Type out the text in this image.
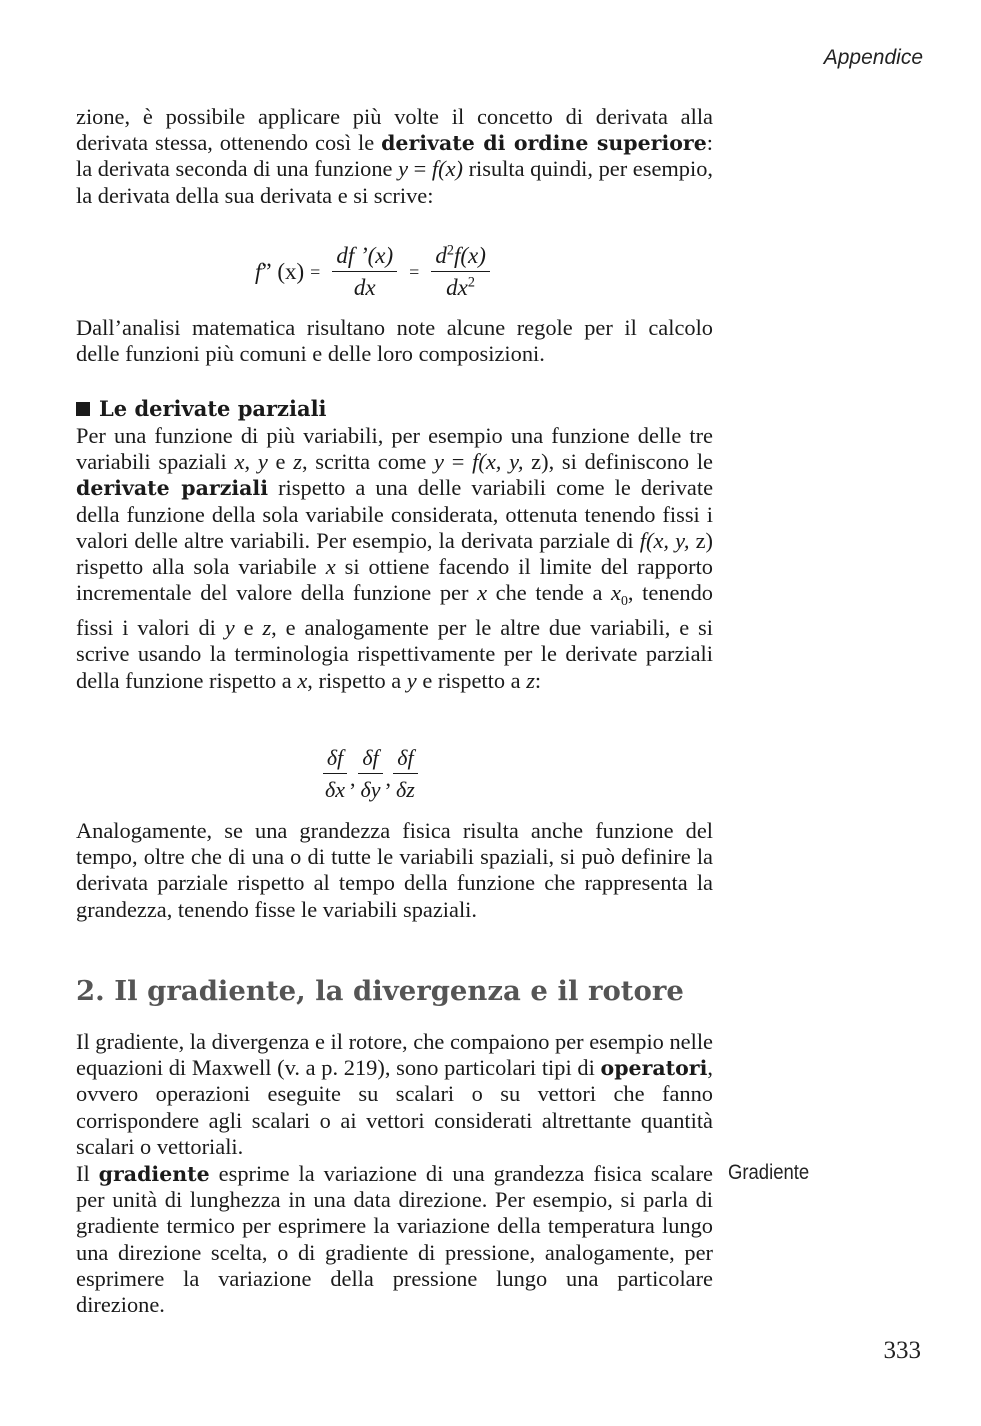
Appendice

zione, è possibile applicare più volte il concetto di derivata alla derivata stessa, ottenendo così le derivate di ordine superiore: la derivata seconda di una funzione y = f(x) risulta quindi, per esempio, la derivata della sua derivata e si scrive:

f” $(x) = \frac{df ’(x)}{dx} = \frac{d^2f(x)}{dx^2}$

Dall’analisi matematica risultano note alcune regole per il calcolo delle funzioni più comuni e delle loro composizioni.

Le derivate parziali

Per una funzione di più variabili, per esempio una funzione delle tre variabili spaziali x, y e z, scritta come y = f(x, y, z), si definiscono le derivate parziali rispetto a una delle variabili come le derivate della funzione della sola variabile considerata, ottenuta tenendo fissi i valori delle altre variabili. Per esempio, la derivata parziale di f(x, y, z) rispetto alla sola variabile x si ottiene facendo il limite del rapporto incrementale del valore della funzione per x che tende a $x_0$, tenendo fissi i valori di y e z, e analogamente per le altre due variabili, e si scrive usando la terminologia rispettivamente per le derivate parziali della funzione rispetto a x, rispetto a y e rispetto a z:

$\frac{\delta f}{\delta x}$ , $\frac{\delta f}{\delta y}$ , $\frac{\delta f}{\delta z}$

Analogamente, se una grandezza fisica risulta anche funzione del tempo, oltre che di una o di tutte le variabili spaziali, si può definire la derivata parziale rispetto al tempo della funzione che rappresenta la grandezza, tenendo fisse le variabili spaziali.

2. Il gradiente, la divergenza e il rotore

Il gradiente, la divergenza e il rotore, che compaiono per esempio nelle equazioni di Maxwell (v. a p. 219), sono particolari tipi di operatori, ovvero operazioni eseguite su scalari o su vettori che fanno corrispondere agli scalari o ai vettori considerati altrettante quantità scalari o vettoriali.

Il gradiente esprime la variazione di una grandezza fisica scalare per unità di lunghezza in una data direzione. Per esempio, si parla di gradiente termico per esprimere la variazione della temperatura lungo una direzione scelta, o di gradiente di pressione, analogamente, per esprimere la variazione della pressione lungo una particolare direzione.

Gradiente
333
